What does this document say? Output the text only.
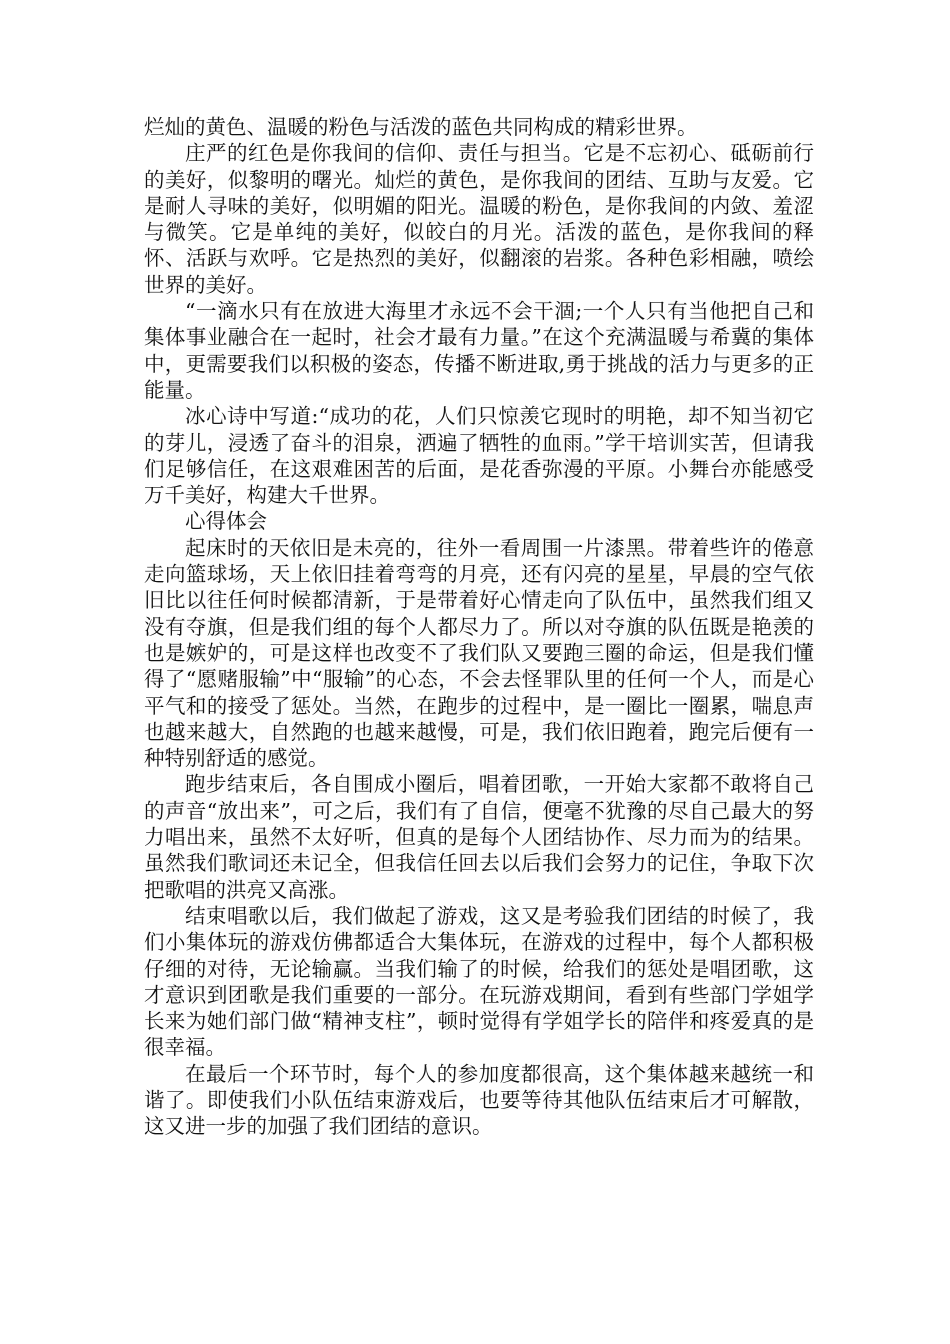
烂灿的黄色、温暖的粉色与活泼的蓝色共同构成的精彩世界。

庄严的红色是你我间的信仰、责任与担当。它是不忘初心、砥砺前行的美好，似黎明的曙光。灿烂的黄色，是你我间的团结、互助与友爱。它是耐人寻味的美好，似明媚的阳光。温暖的粉色，是你我间的内敛、羞涩与微笑。它是单纯的美好，似皎白的月光。活泼的蓝色，是你我间的释怀、活跃与欢呼。它是热烈的美好，似翻滚的岩浆。各种色彩相融，喷绘世界的美好。

“一滴水只有在放进大海里才永远不会干涸;一个人只有当他把自己和集体事业融合在一起时，社会才最有力量。”在这个充满温暖与希冀的集体中，更需要我们以积极的姿态，传播不断进取,勇于挑战的活力与更多的正能量。

冰心诗中写道:“成功的花，人们只惊羡它现时的明艳，却不知当初它的芽儿，浸透了奋斗的泪泉，洒遍了牺牲的血雨。”学干培训实苦，但请我们足够信任，在这艰难困苦的后面，是花香弥漫的平原。小舞台亦能感受万千美好，构建大千世界。

心得体会

起床时的天依旧是未亮的，往外一看周围一片漆黑。带着些许的倦意走向篮球场，天上依旧挂着弯弯的月亮，还有闪亮的星星，早晨的空气依旧比以往任何时候都清新，于是带着好心情走向了队伍中，虽然我们组又没有夺旗，但是我们组的每个人都尽力了。所以对夺旗的队伍既是艳羡的也是嫉妒的，可是这样也改变不了我们队又要跑三圈的命运，但是我们懂得了“愿赌服输”中“服输”的心态，不会去怪罪队里的任何一个人，而是心平气和的接受了惩处。当然，在跑步的过程中，是一圈比一圈累，喘息声也越来越大，自然跑的也越来越慢，可是，我们依旧跑着，跑完后便有一种特别舒适的感觉。

跑步结束后，各自围成小圈后，唱着团歌，一开始大家都不敢将自己的声音“放出来”，可之后，我们有了自信，便毫不犹豫的尽自己最大的努力唱出来，虽然不太好听，但真的是每个人团结协作、尽力而为的结果。虽然我们歌词还未记全，但我信任回去以后我们会努力的记住，争取下次把歌唱的洪亮又高涨。

结束唱歌以后，我们做起了游戏，这又是考验我们团结的时候了，我们小集体玩的游戏仿佛都适合大集体玩，在游戏的过程中，每个人都积极仔细的对待，无论输赢。当我们输了的时候，给我们的惩处是唱团歌，这才意识到团歌是我们重要的一部分。在玩游戏期间，看到有些部门学姐学长来为她们部门做“精神支柱”，顿时觉得有学姐学长的陪伴和疼爱真的是很幸福。

在最后一个环节时，每个人的参加度都很高，这个集体越来越统一和谐了。即使我们小队伍结束游戏后，也要等待其他队伍结束后才可解散，这又进一步的加强了我们团结的意识。
